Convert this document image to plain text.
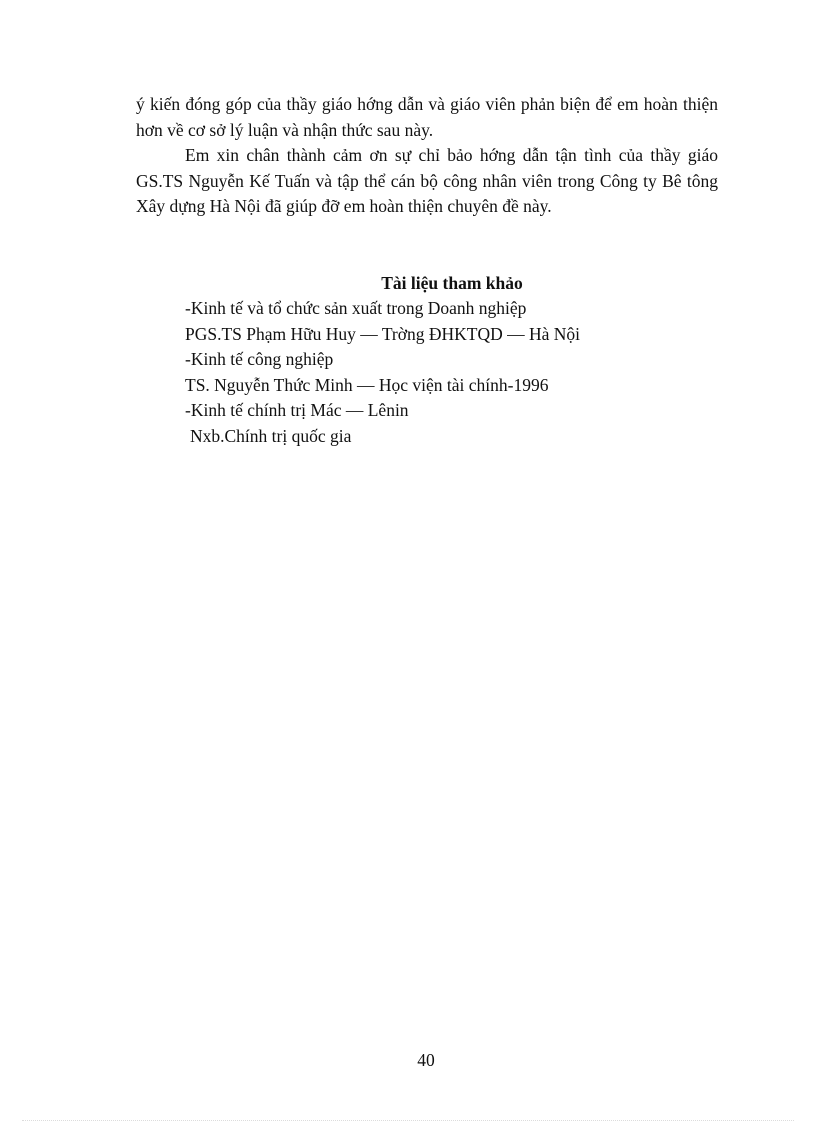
ý kiến đóng góp của thầy giáo hớng dẫn và giáo viên phản biện để em hoàn thiện hơn về cơ sở lý luận và nhận thức sau này.

Em xin chân thành cảm ơn sự chỉ bảo hớng dẫn tận tình của thầy giáo GS.TS Nguyễn Kế Tuấn và tập thể cán bộ công nhân viên trong Công ty Bê tông Xây dựng Hà Nội đã giúp đỡ em hoàn thiện chuyên đề này.

Tài liệu tham khảo
-Kinh tế và tổ chức sản xuất trong Doanh nghiệp
PGS.TS Phạm Hữu Huy — Trờng ĐHKTQD — Hà Nội
-Kinh tế công nghiệp
TS. Nguyễn Thức Minh — Học viện tài chính-1996
-Kinh tế chính trị Mác — Lênin
Nxb.Chính trị quốc gia
40
